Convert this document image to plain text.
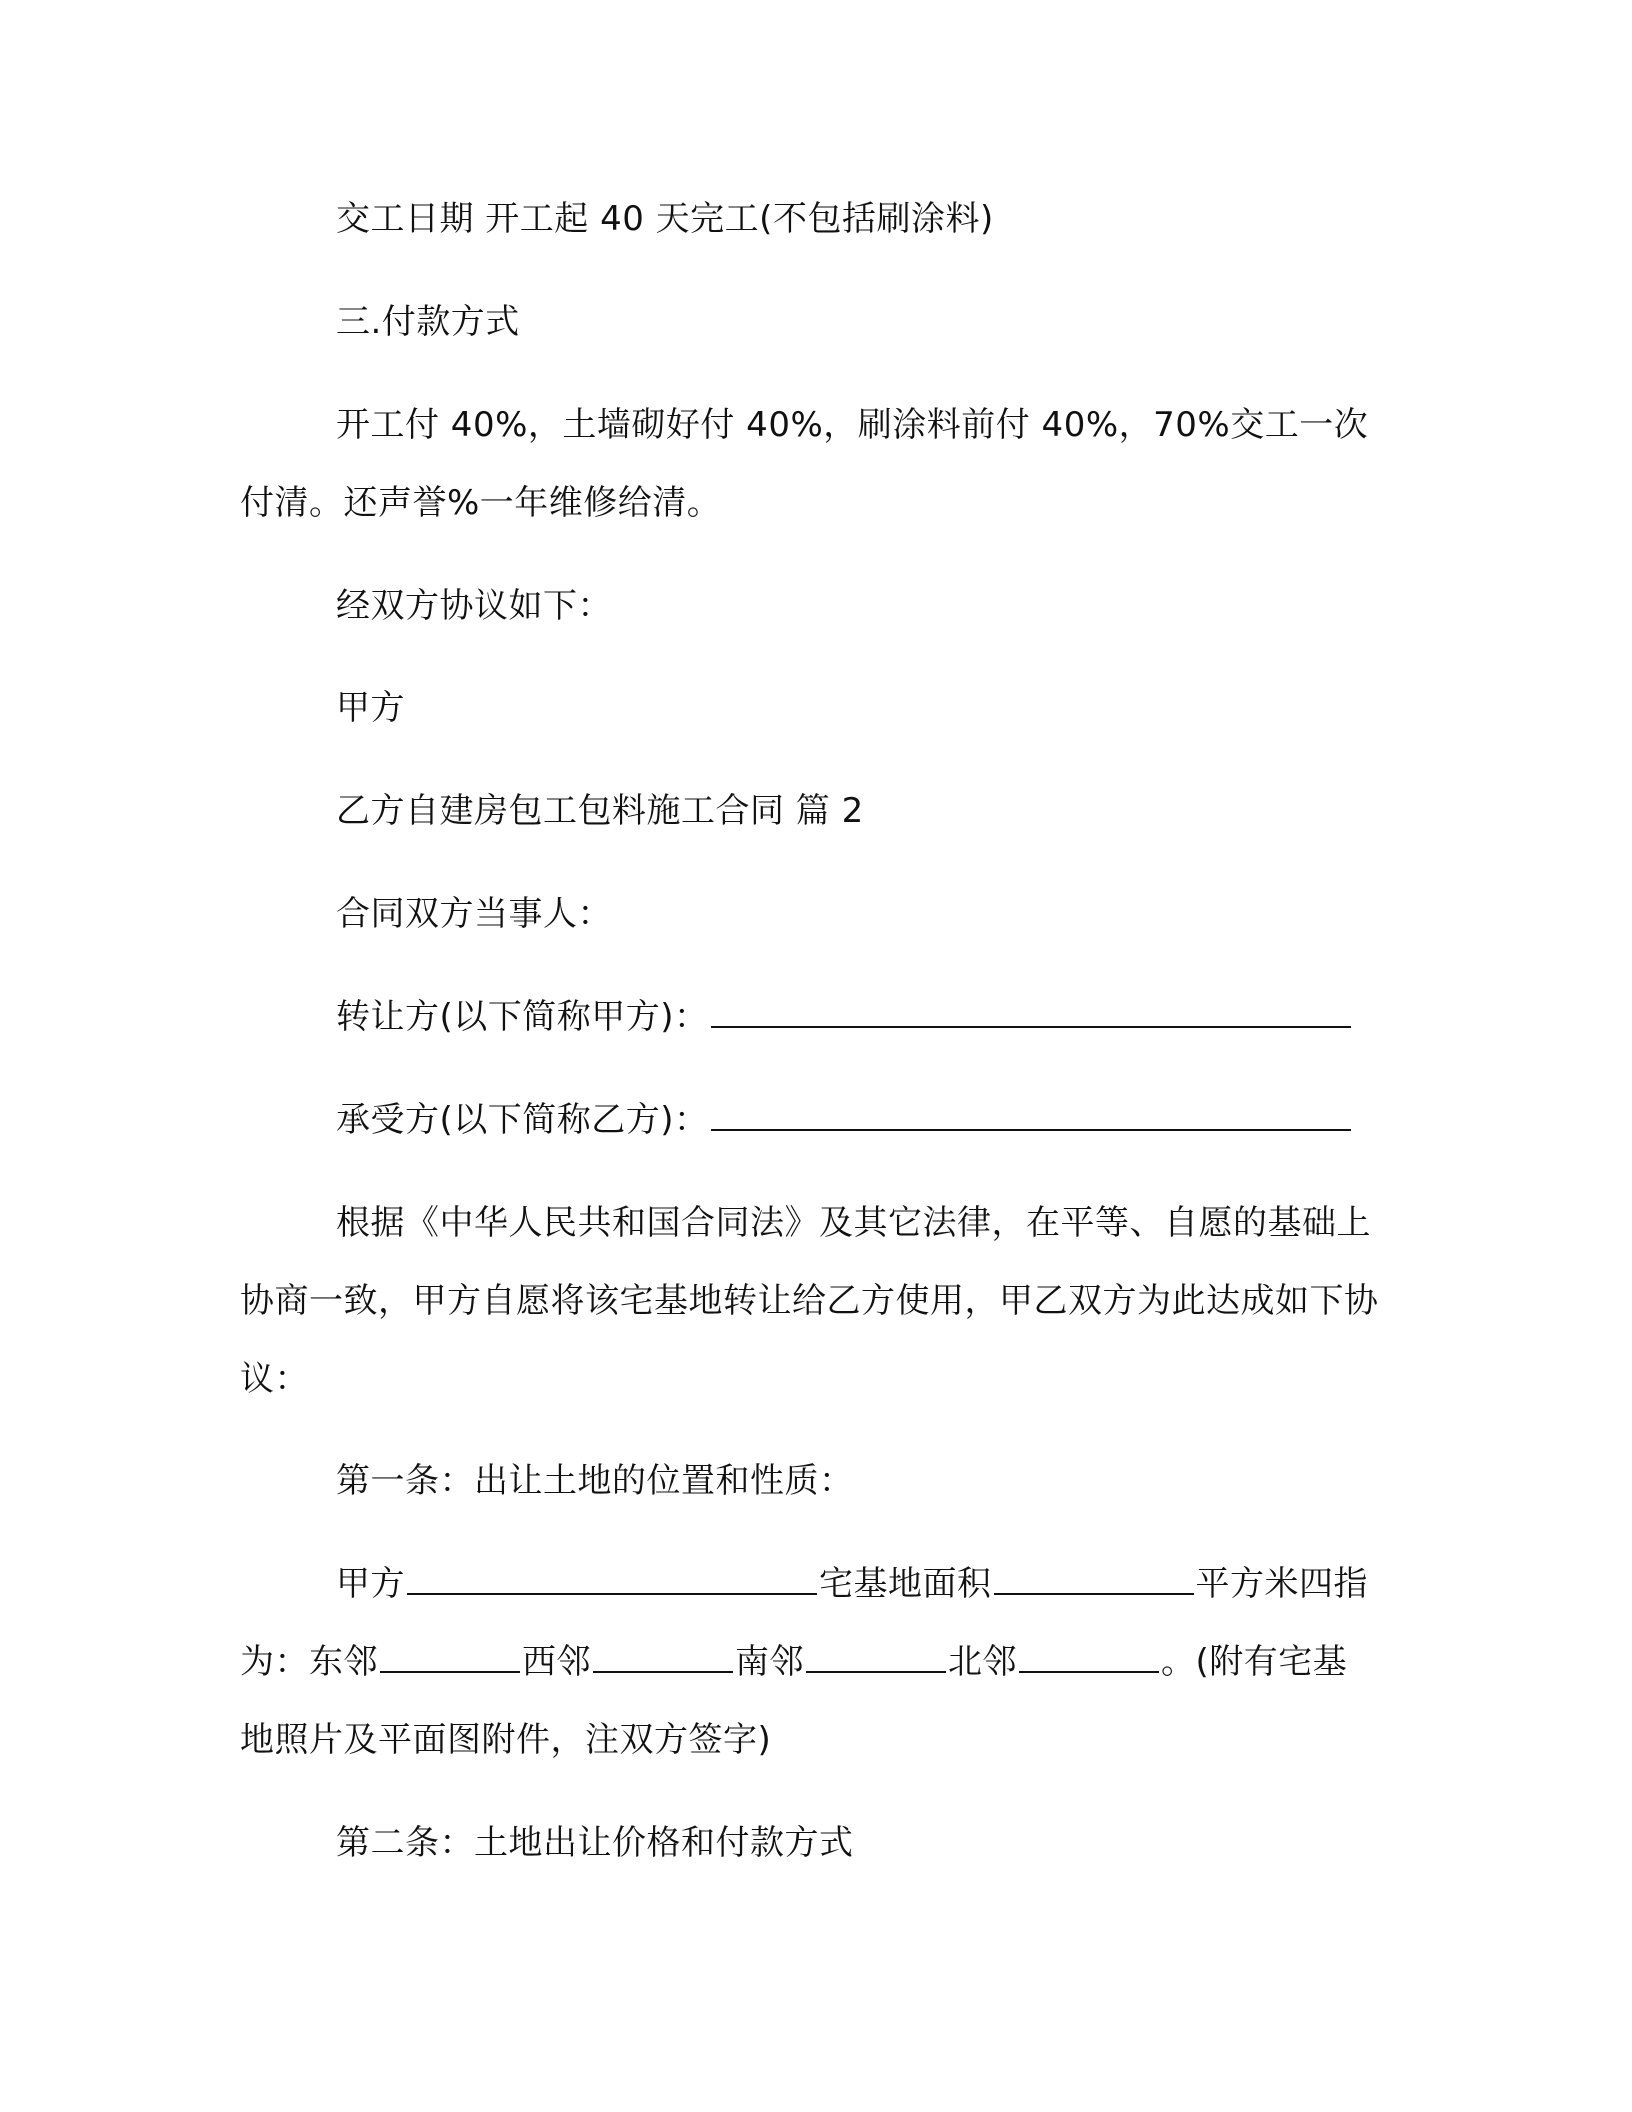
交工日期 开工起 40 天完工(不包括刷涂料)

三.付款方式

开工付 40%，土墙砌好付 40%，刷涂料前付 40%，70%交工一次付清。还声誉%一年维修给清。

经双方协议如下：

甲方

乙方自建房包工包料施工合同 篇 2

合同双方当事人：

转让方(以下简称甲方)：

承受方(以下简称乙方)：

根据《中华人民共和国合同法》及其它法律，在平等、自愿的基础上协商一致，甲方自愿将该宅基地转让给乙方使用，甲乙双方为此达成如下协议：

第一条：出让土地的位置和性质：

甲方	宅基地面积	平方米四指为：东邻	西邻	南邻	北邻	。(附有宅基地照片及平面图附件，注双方签字)

第二条：土地出让价格和付款方式
